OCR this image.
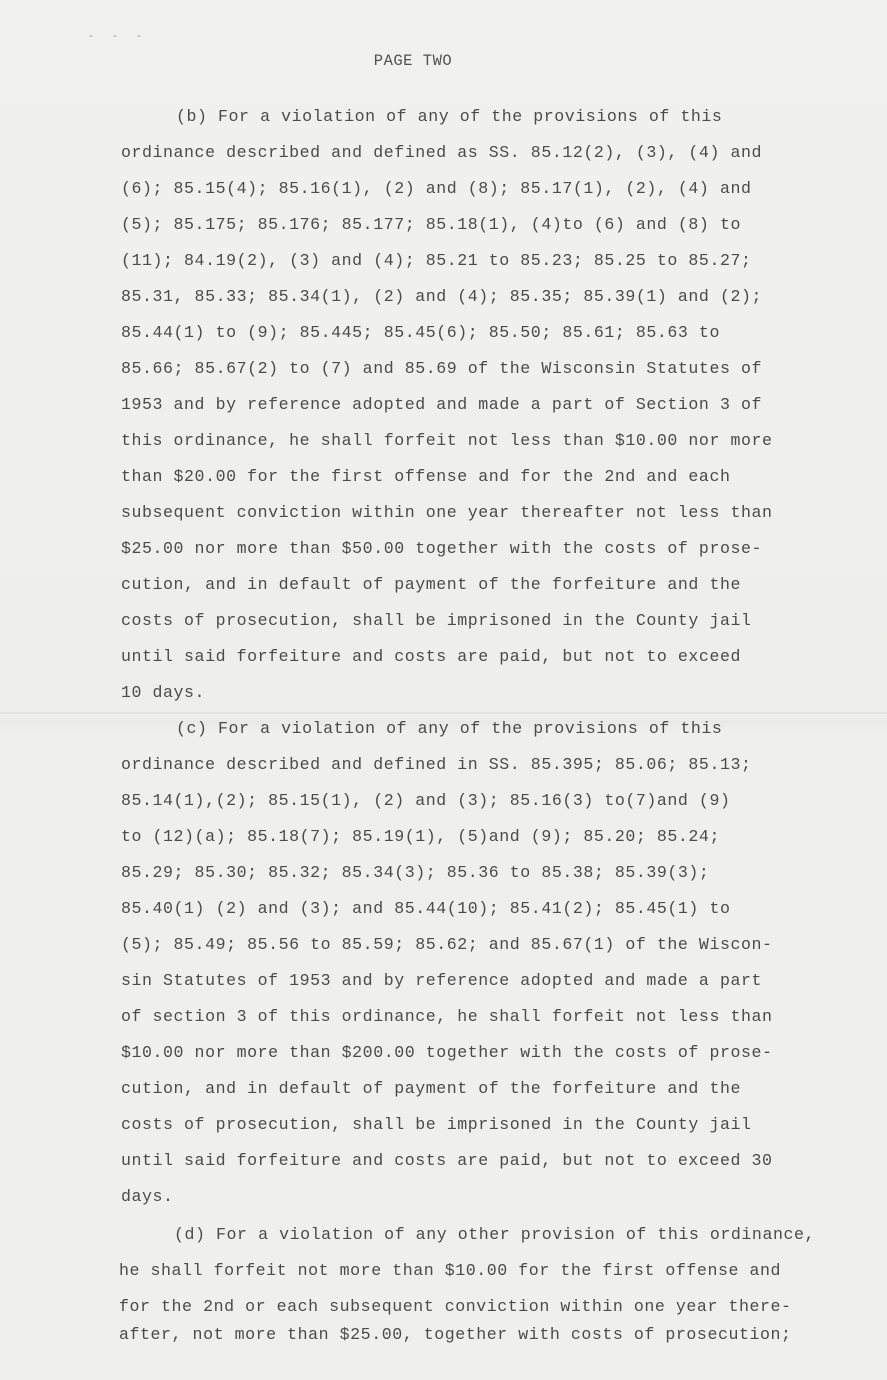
- - -
PAGE TWO
(b) For a violation of any of the provisions of this
ordinance described and defined as SS. 85.12(2), (3), (4) and
(6); 85.15(4); 85.16(1), (2) and (8); 85.17(1), (2), (4) and
(5); 85.175; 85.176; 85.177; 85.18(1), (4)to (6) and (8) to
(11); 84.19(2), (3) and (4); 85.21 to 85.23; 85.25 to 85.27;
85.31, 85.33; 85.34(1), (2) and (4); 85.35; 85.39(1) and (2);
85.44(1) to (9); 85.445; 85.45(6); 85.50; 85.61; 85.63 to
85.66; 85.67(2) to (7) and 85.69 of the Wisconsin Statutes of
1953 and by reference adopted and made a part of Section 3 of
this ordinance, he shall forfeit not less than $10.00 nor more
than $20.00 for the first offense and for the 2nd and each
subsequent conviction within one year thereafter not less than
$25.00 nor more than $50.00 together with the costs of prose-
cution, and in default of payment of the forfeiture and the
costs of prosecution, shall be imprisoned in the County jail
until said forfeiture and costs are paid, but not to exceed
10 days.
(c) For a violation of any of the provisions of this
ordinance described and defined in SS. 85.395; 85.06; 85.13;
85.14(1),(2); 85.15(1), (2) and (3); 85.16(3) to(7)and (9)
to (12)(a); 85.18(7); 85.19(1), (5)and (9); 85.20; 85.24;
85.29; 85.30; 85.32; 85.34(3); 85.36 to 85.38; 85.39(3);
85.40(1) (2) and (3); and 85.44(10); 85.41(2); 85.45(1) to
(5); 85.49; 85.56 to 85.59; 85.62; and 85.67(1) of the Wiscon-
sin Statutes of 1953 and by reference adopted and made a part
of section 3 of this ordinance, he shall forfeit not less than
$10.00 nor more than $200.00 together with the costs of prose-
cution, and in default of payment of the forfeiture and the
costs of prosecution, shall be imprisoned in the County jail
until said forfeiture and costs are paid, but not to exceed 30
days.
(d) For a violation of any other provision of this ordinance,
he shall forfeit not more than $10.00 for the first offense and
for the 2nd or each subsequent conviction within one year there-
after, not more than $25.00, together with costs of prosecution;
